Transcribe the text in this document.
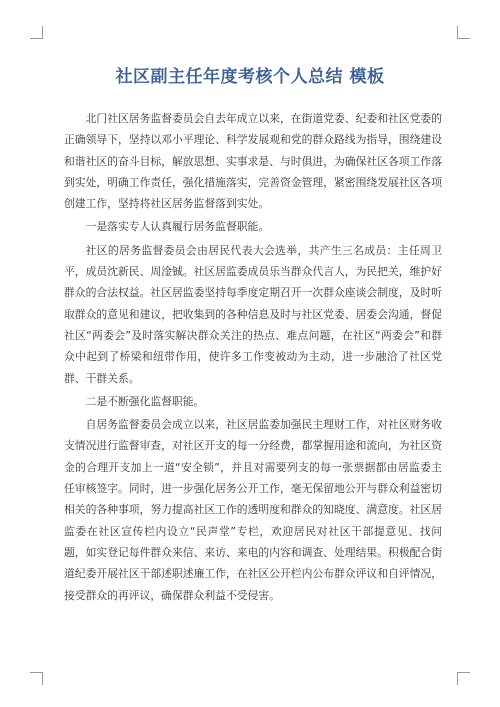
社区副主任年度考核个人总结 模板

北门社区居务监督委员会自去年成立以来，在街道党委、纪委和社区党委的正确领导下，坚持以邓小平理论、科学发展观和党的群众路线为指导，围绕建设和谐社区的奋斗目标，解放思想、实事求是、与时俱进，为确保社区各项工作落到实处，明确工作责任，强化措施落实，完善资金管理，紧密围绕发展社区各项创建工作，坚持将社区居务监督落到实处。

一是落实专人认真履行居务监督职能。

社区的居务监督委员会由居民代表大会选举，共产生三名成员：主任周卫平，成员沈新民、周淦铖。社区居监委成员乐当群众代言人，为民把关，维护好群众的合法权益。社区居监委坚持每季度定期召开一次群众座谈会制度，及时听取群众的意见和建议，把收集到的各种信息及时与社区党委、居委会沟通，督促社区“两委会”及时落实解决群众关注的热点、难点问题，在社区“两委会”和群众中起到了桥梁和纽带作用，使许多工作变被动为主动，进一步融洽了社区党群、干群关系。

二是不断强化监督职能。

自居务监督委员会成立以来，社区居监委加强民主理财工作，对社区财务收支情况进行监督审查，对社区开支的每一分经费，都掌握用途和流向，为社区资金的合理开支加上一道“安全锁”，并且对需要列支的每一张票据都由居监委主任审核签字。同时，进一步强化居务公开工作，毫无保留地公开与群众利益密切相关的各种事项，努力提高社区工作的透明度和群众的知晓度、满意度。社区居监委在社区宣传栏内设立“民声堂”专栏，欢迎居民对社区干部提意见、找问题，如实登记每件群众来信、来访、来电的内容和调查、处理结果。积极配合街道纪委开展社区干部述职述廉工作，在社区公开栏内公布群众评议和自评情况，接受群众的再评议，确保群众利益不受侵害。
